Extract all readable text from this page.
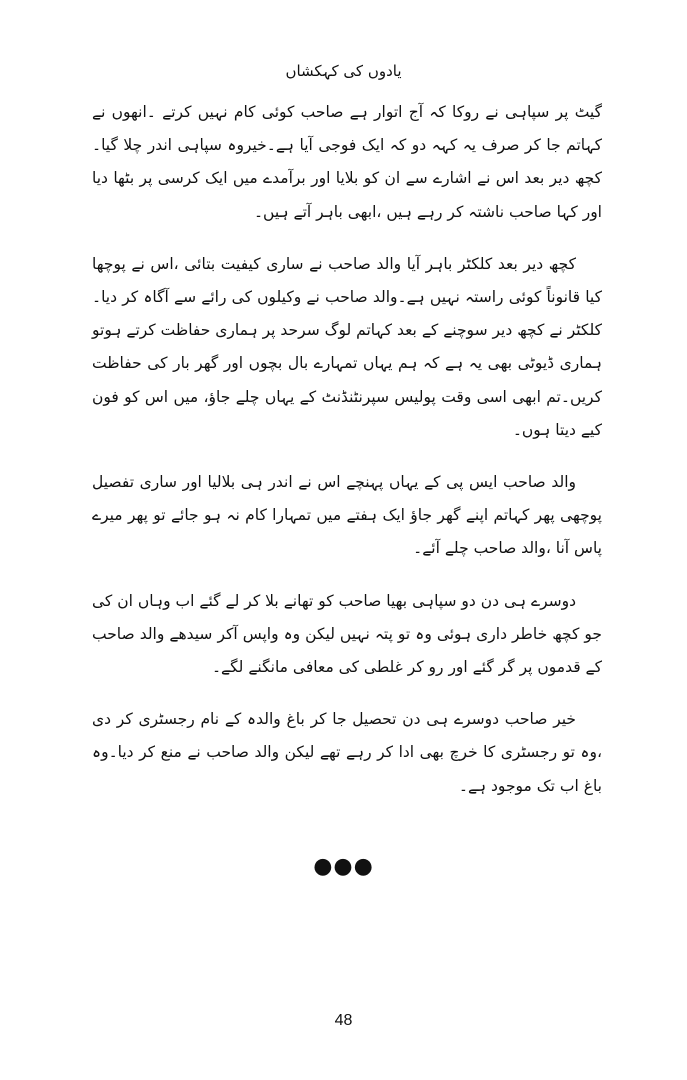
یادوں کی کہکشاں

گیٹ پر سپاہی نے روکا کہ آج اتوار ہے صاحب کوئی کام نہیں کرتے ۔انھوں نے کہاتم جا کر صرف یہ کہہ دو کہ ایک فوجی آیا ہے۔خیروہ سپاہی اندر چلا گیا۔کچھ دیر بعد اس نے اشارے سے ان کو بلایا اور برآمدے میں ایک کرسی پر بٹھا دیا اور کہا صاحب ناشتہ کر رہے ہیں ،ابھی باہر آتے ہیں۔

کچھ دیر بعد کلکٹر باہر آیا والد صاحب نے ساری کیفیت بتائی ،اس نے پوچھا کیا قانوناً کوئی راستہ نہیں ہے۔والد صاحب نے وکیلوں کی رائے سے آگاہ کر دیا۔کلکٹر نے کچھ دیر سوچنے کے بعد کہاتم لوگ سرحد پر ہماری حفاظت کرتے ہوتو ہماری ڈیوٹی بھی یہ ہے کہ ہم یہاں تمہارے بال بچوں اور گھر بار کی حفاظت کریں۔تم ابھی اسی وقت پولیس سپرنٹنڈنٹ کے یہاں چلے جاؤ، میں اس کو فون کیے دیتا ہوں۔

والد صاحب ایس پی کے یہاں پہنچے اس نے اندر ہی بلالیا اور ساری تفصیل پوچھی پھر کہاتم اپنے گھر جاؤ ایک ہفتے میں تمہارا کام نہ ہو جائے تو پھر میرے پاس آنا ،والد صاحب چلے آئے۔

دوسرے ہی دن دو سپاہی بھیا صاحب کو تھانے بلا کر لے گئے اب وہاں ان کی جو کچھ خاطر داری ہوئی وہ تو پتہ نہیں لیکن وہ واپس آکر سیدھے والد صاحب کے قدموں پر گر گئے اور رو کر غلطی کی معافی مانگنے لگے۔

خیر صاحب دوسرے ہی دن تحصیل جا کر باغ والدہ کے نام رجسٹری کر دی ،وہ تو رجسٹری کا خرچ بھی ادا کر رہے تھے لیکن والد صاحب نے منع کر دیا۔وہ باغ اب تک موجود ہے۔

●●●
48
